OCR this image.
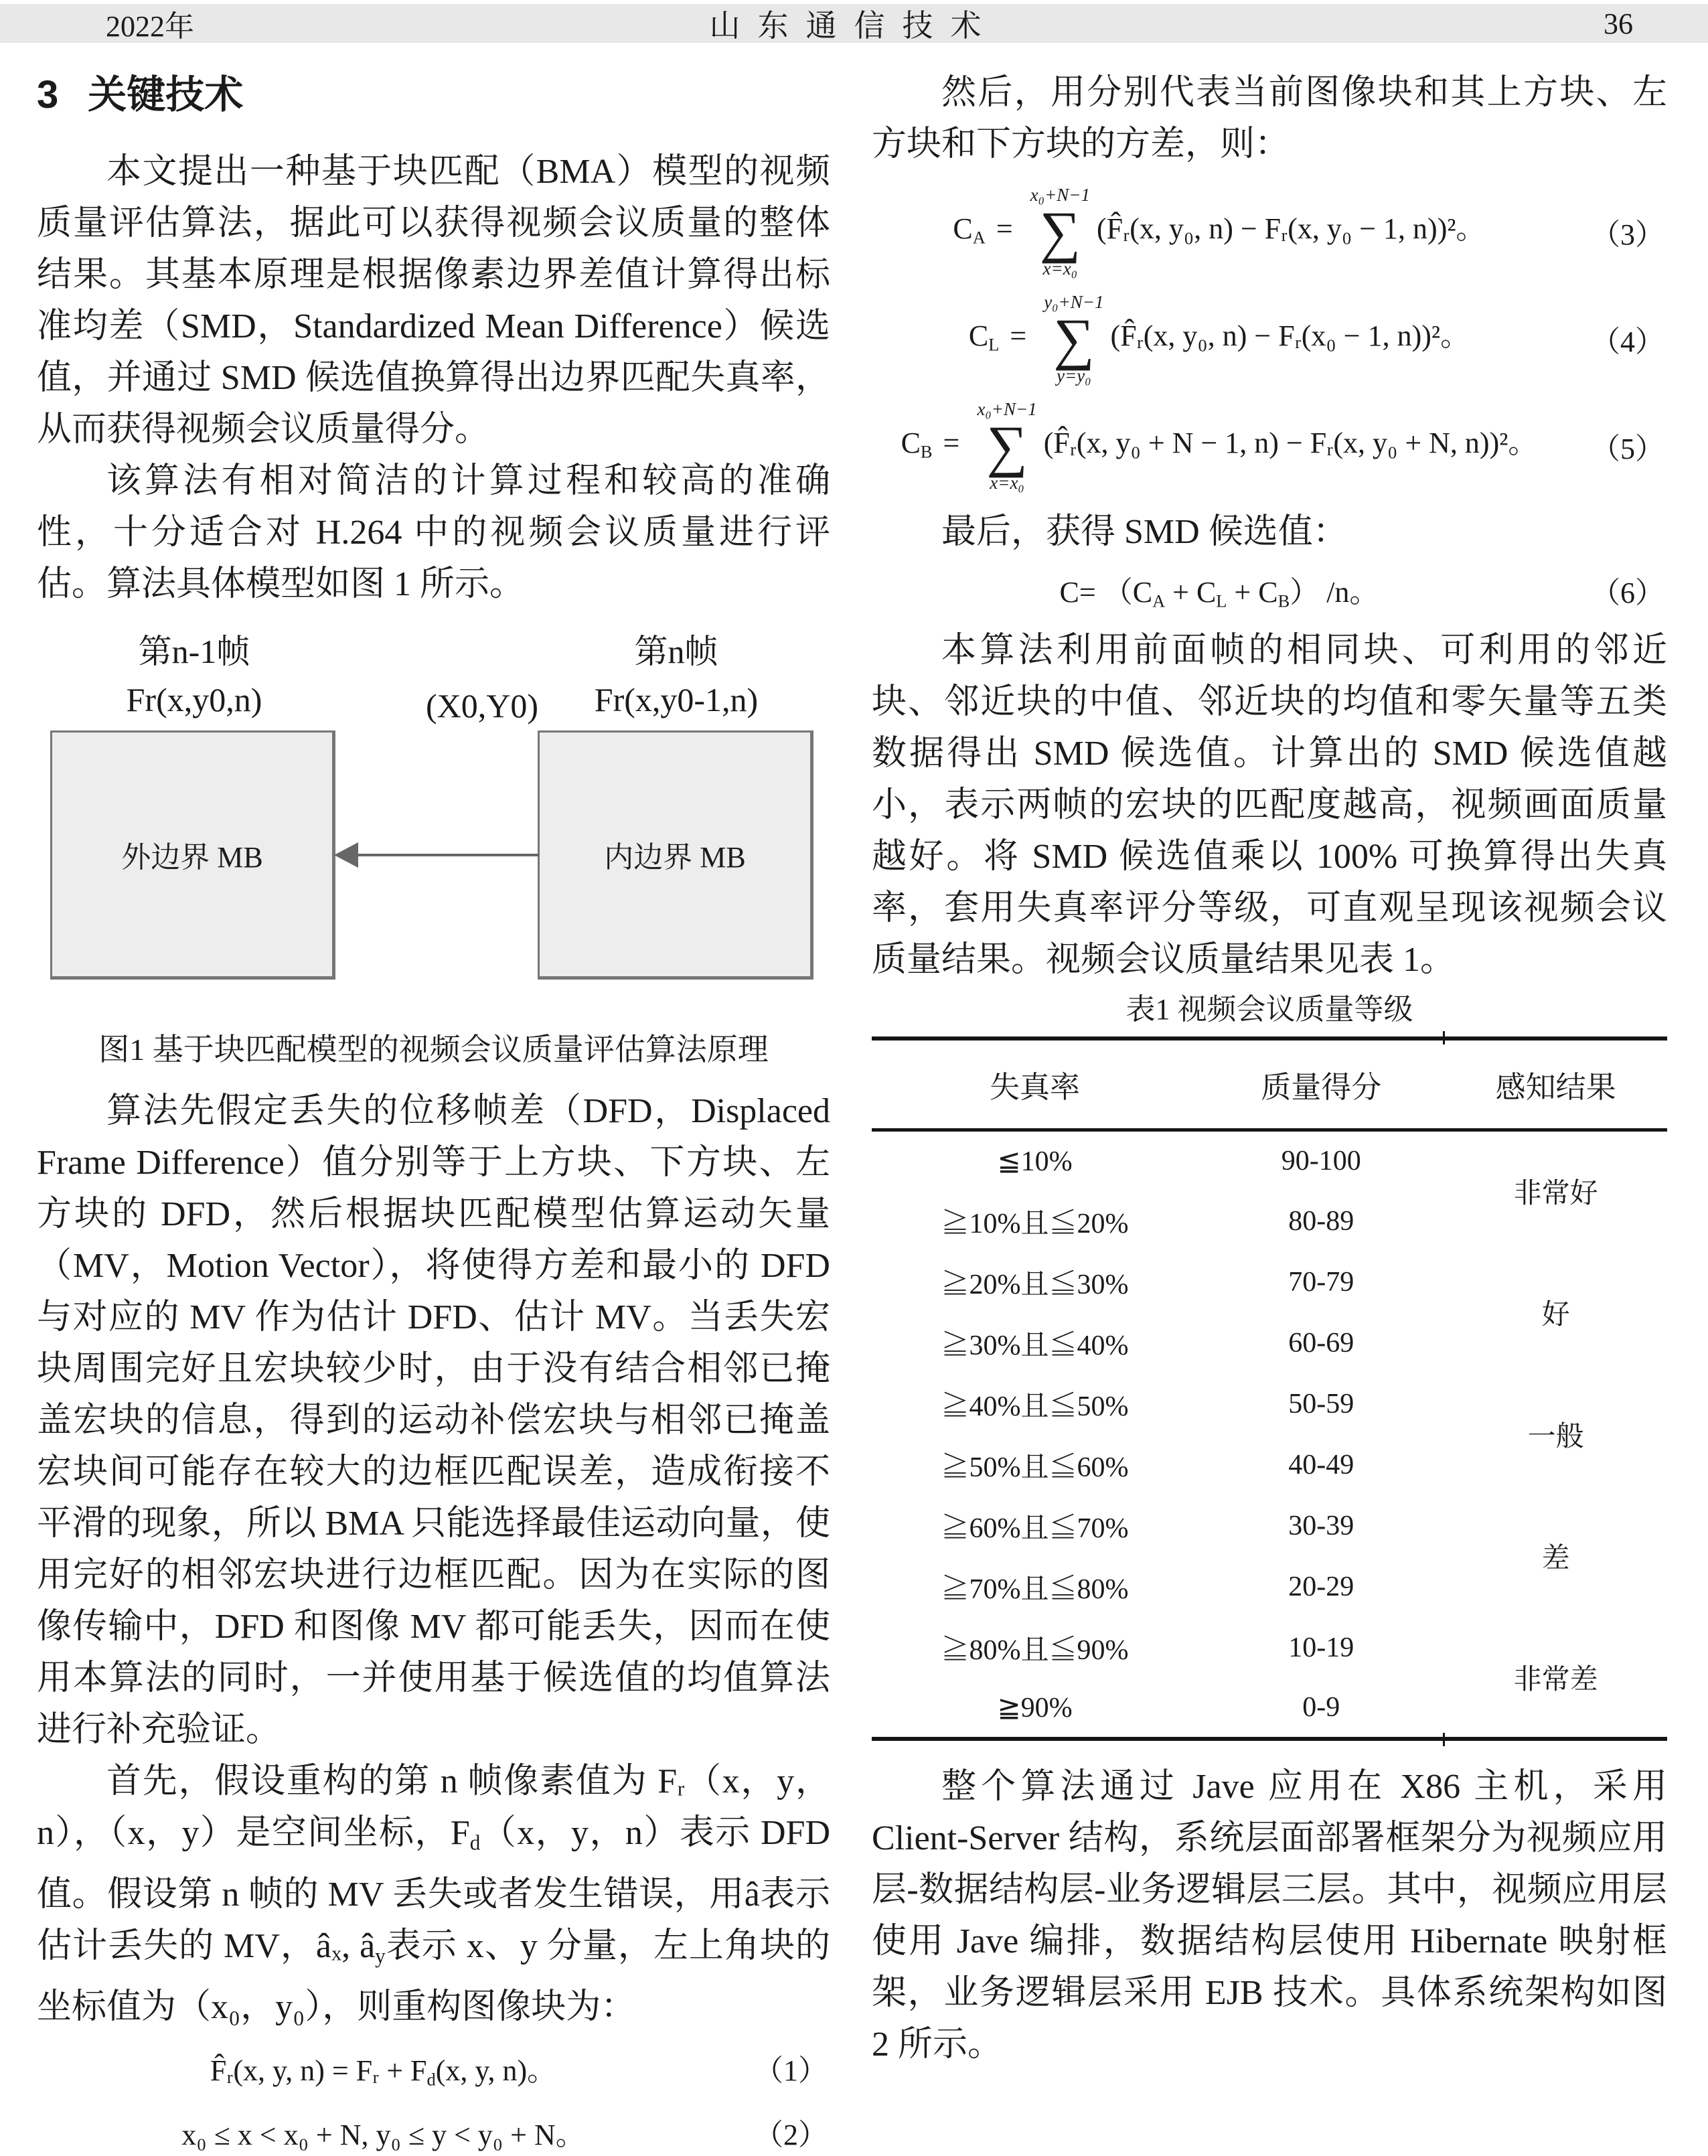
2022年	山东通信技术	36
3 关键技术

本文提出一种基于块匹配（BMA）模型的视频质量评估算法，据此可以获得视频会议质量的整体结果。其基本原理是根据像素边界差值计算得出标准均差（SMD，Standardized Mean Difference）候选值，并通过 SMD 候选值换算得出边界匹配失真率，从而获得视频会议质量得分。

该算法有相对简洁的计算过程和较高的准确性，十分适合对 H.264 中的视频会议质量进行评估。算法具体模型如图 1 所示。

第n-1帧
Fr(x,y0,n)	(X0,Y0)
第n帧
Fr(x,y0-1,n)
外边界 MB	内边界 MB
图1 基于块匹配模型的视频会议质量评估算法原理

算法先假定丢失的位移帧差（DFD，Displaced Frame Difference）值分别等于上方块、下方块、左方块的 DFD，然后根据块匹配模型估算运动矢量（MV，Motion Vector），将使得方差和最小的 DFD 与对应的 MV 作为估计 DFD、估计 MV。当丢失宏块周围完好且宏块较少时，由于没有结合相邻已掩盖宏块的信息，得到的运动补偿宏块与相邻已掩盖宏块间可能存在较大的边框匹配误差，造成衔接不平滑的现象，所以 BMA 只能选择最佳运动向量，使用完好的相邻宏块进行边框匹配。因为在实际的图像传输中，DFD 和图像 MV 都可能丢失，因而在使用本算法的同时，一并使用基于候选值的均值算法进行补充验证。

首先，假设重构的第 n 帧像素值为 Fᵣ（x，y，n），（x，y）是空间坐标，$F_d(x$，y，n）表示 DFD 值。假设第 n 帧的 MV 丢失或者发生错误，用â表示估计丢失的 MV，âₓ, $â_y$表示 x、y 分量，左上角块的坐标值为（x₀，y₀），则重构图像块为：

F̂ᵣ(x, y, n) = Fᵣ + $F_d(x$, y, n)。	（1）
x₀ ≤ x < x₀ + N, y₀ ≤ y < y₀ + N。	（2）

然后，用分别代表当前图像块和其上方块、左方块和下方块的方差，则：

$C_A$ =
x₀+N−1
∑
x=x₀
(F̂ᵣ(x, y₀, n) − Fᵣ(x, y₀ − 1, n))²。	（3）
$C_L$ =
y₀+N−1
∑
y=y₀
(F̂ᵣ(x, y₀, n) − Fᵣ(x₀ − 1, n))²。	（4）
$C_B$ =
x₀+N−1
∑
x=x₀
(F̂ᵣ(x, y₀ + N − 1, n) − Fᵣ(x, y₀ + N, n))²。 （5）

最后，获得 SMD 候选值：

$C= (C_A + C_L + C_B)$ /n。	（6）

本算法利用前面帧的相同块、可利用的邻近块、邻近块的中值、邻近块的均值和零矢量等五类数据得出 SMD 候选值。计算出的 SMD 候选值越小，表示两帧的宏块的匹配度越高，视频画面质量越好。将 SMD 候选值乘以 100% 可换算得出失真率，套用失真率评分等级，可直观呈现该视频会议质量结果。视频会议质量结果见表 1。

表1 视频会议质量等级
失真率	质量得分	感知结果
≦10%	90-100	非常好
≧10%且≦20%	80-89	
≧20%且≦30%	70-79	好
≧30%且≦40%	60-69	
≧40%且≦50%	50-59	一般
≧50%且≦60%	40-49	
≧60%且≦70%	30-39	差
≧70%且≦80%	20-29	
≧80%且≦90%	10-19	非常差
≧90%	0-9	

整个算法通过 Jave 应用在 X86 主机，采用 Client-Server 结构，系统层面部署框架分为视频应用层-数据结构层-业务逻辑层三层。其中，视频应用层使用 Jave 编排，数据结构层使用 Hibernate 映射框架，业务逻辑层采用 EJB 技术。具体系统架构如图 2 所示。
